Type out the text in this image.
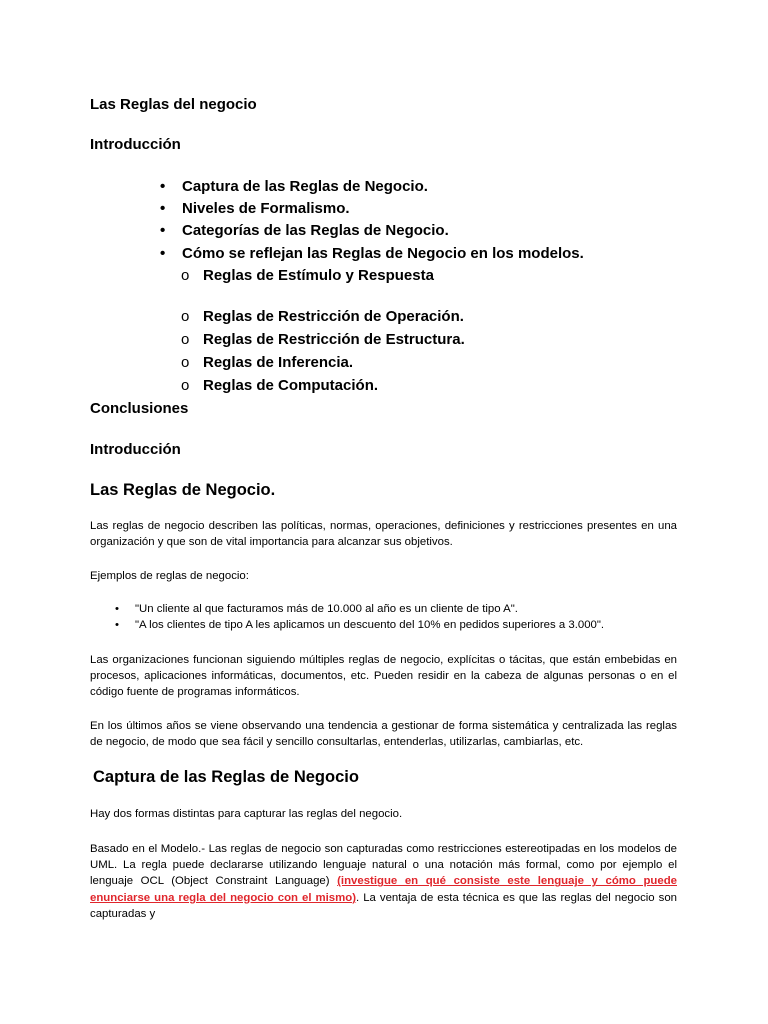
Las Reglas del negocio
Introducción
• Captura de las Reglas de Negocio.
• Niveles de Formalismo.
• Categorías de las Reglas de Negocio.
• Cómo se reflejan las Reglas de Negocio en los modelos.
o Reglas de Estímulo y Respuesta
o Reglas de Restricción de Operación.
o Reglas de Restricción de Estructura.
o Reglas de Inferencia.
o Reglas de Computación.
Conclusiones
Introducción
Las Reglas de Negocio.
Las reglas de negocio describen las políticas, normas, operaciones, definiciones y restricciones presentes en una organización y que son de vital importancia para alcanzar sus objetivos.
Ejemplos de reglas de negocio:
• "Un cliente al que facturamos más de 10.000 al año es un cliente de tipo A".
• "A los clientes de tipo A les aplicamos un descuento del 10% en pedidos superiores a 3.000".
Las organizaciones funcionan siguiendo múltiples reglas de negocio, explícitas o tácitas, que están embebidas en procesos, aplicaciones informáticas, documentos, etc. Pueden residir en la cabeza de algunas personas o en el código fuente de programas informáticos.
En los últimos años se viene observando una tendencia a gestionar de forma sistemática y centralizada las reglas de negocio, de modo que sea fácil y sencillo consultarlas, entenderlas, utilizarlas, cambiarlas, etc.
Captura de las Reglas de Negocio
Hay dos formas distintas para capturar las reglas del negocio.
Basado en el Modelo.- Las reglas de negocio son capturadas como restricciones estereotipadas en los modelos de UML. La regla puede declararse utilizando lenguaje natural o una notación más formal, como por ejemplo el lenguaje OCL (Object Constraint Language) (investigue en qué consiste este lenguaje y cómo puede enunciarse una regla del negocio con el mismo). La ventaja de esta técnica es que las reglas del negocio son capturadas y
